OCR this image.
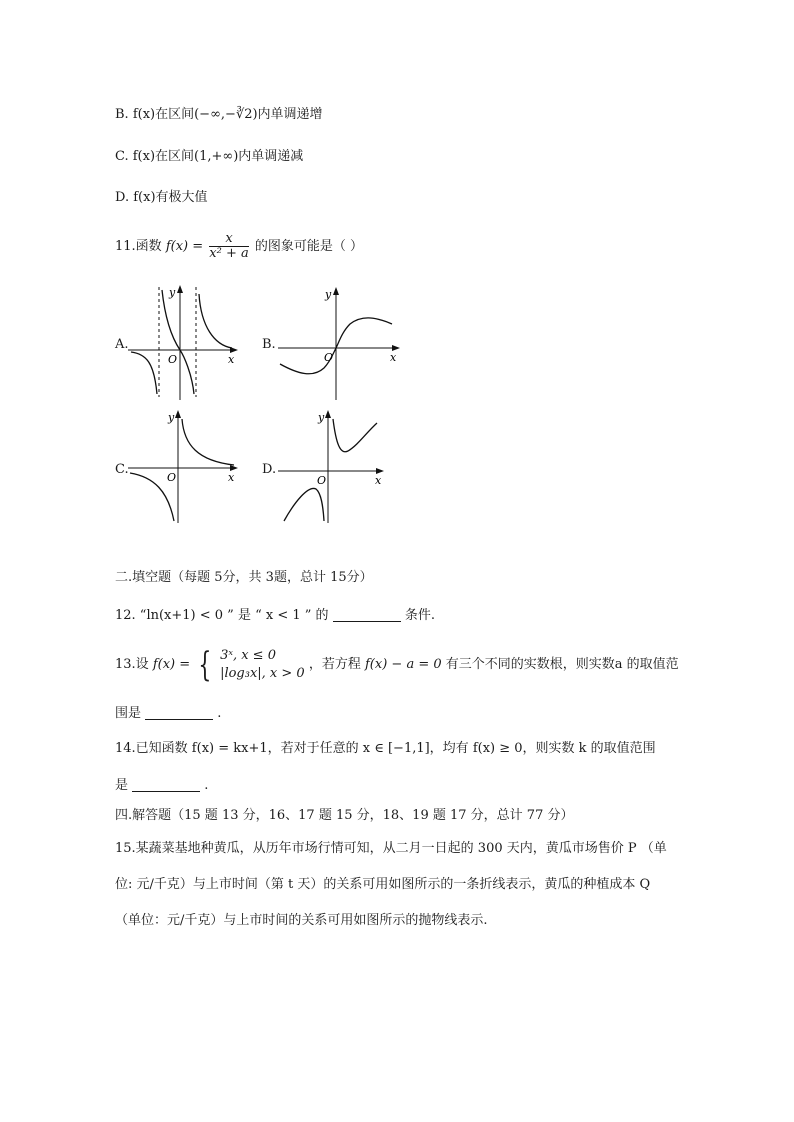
B. f(x)在区间(−∞,−∛2)内单调递增
C. f(x)在区间(1,+∞)内单调递减
D. f(x)有极大值
11.函数 $f(x) = \frac{x}{\text{x² + a}}$ 的图象可能是（ ）
A.
x
y
O
B.
x
y
O
C.
x
y
O
D.
x
y
O
二.填空题（每题 5分，共 3题，总计 15分）
12. “ln(x+1) < 0 ” 是 “ x < 1 ” 的	条件.
13.设 f(x) = { 3ˣ, x ≤ 0
|log₃x|, x > 0
，若方程 f(x) − a = 0 有三个不同的实数根，则实数a 的取值范
围是	.
14.已知函数 f(x) = kx+1，若对于任意的 x ∈ [−1,1]，均有 f(x) ≥ 0，则实数 k 的取值范围
是	.
四.解答题（15 题 13 分，16、17 题 15 分，18、19 题 17 分，总计 77 分）
15.某蔬菜基地种黄瓜，从历年市场行情可知，从二月一日起的 300 天内，黄瓜市场售价 P （单
位: 元/千克）与上市时间（第 t 天）的关系可用如图所示的一条折线表示，黄瓜的种植成本 Q
（单位：元/千克）与上市时间的关系可用如图所示的抛物线表示.
